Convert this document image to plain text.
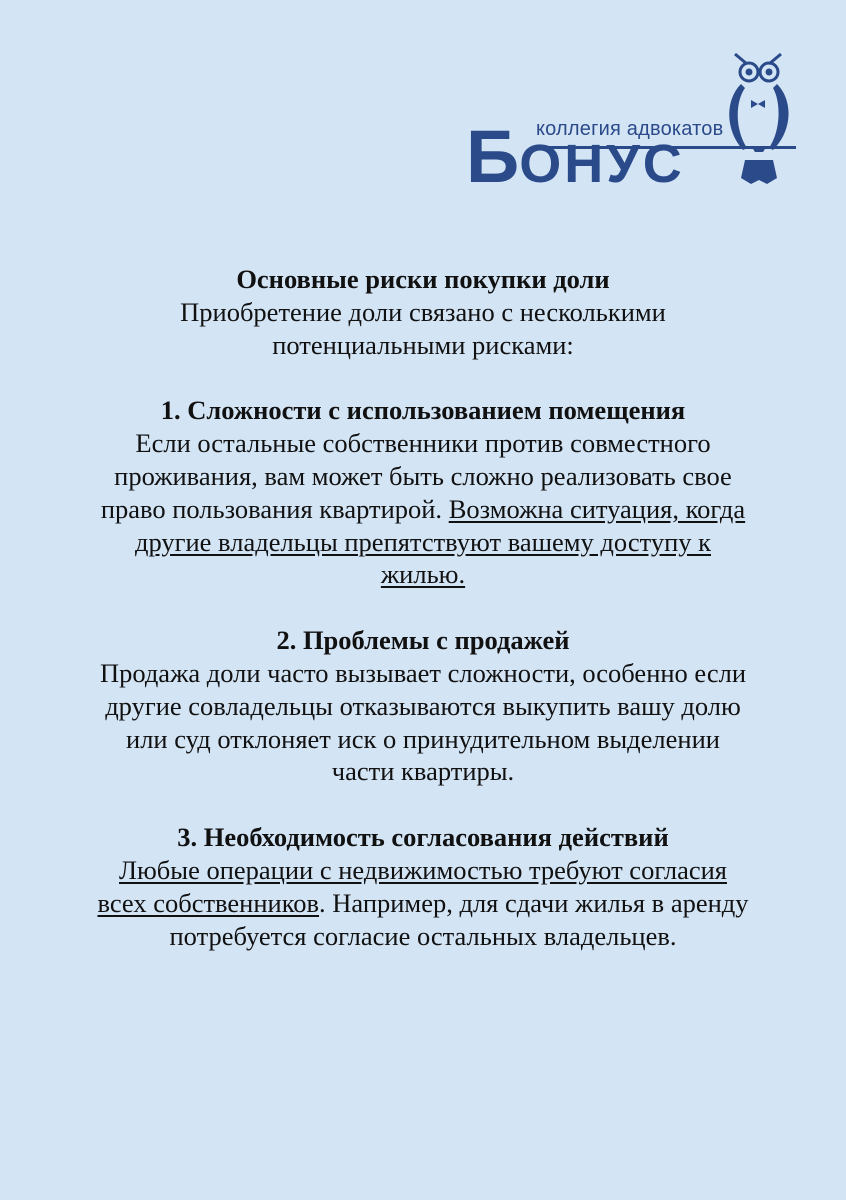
коллегия адвокатов
БОНУС
Основные риски покупки доли
Приобретение доли связано с несколькими
потенциальными рисками:
1. Сложности с использованием помещения
Если остальные собственники против совместного
проживания, вам может быть сложно реализовать свое
право пользования квартирой. Возможна ситуация, когда
другие владельцы препятствуют вашему доступу к
жилью.
2. Проблемы с продажей
Продажа доли часто вызывает сложности, особенно если
другие совладельцы отказываются выкупить вашу долю
или суд отклоняет иск о принудительном выделении
части квартиры.
3. Необходимость согласования действий
Любые операции с недвижимостью требуют согласия
всех собственников. Например, для сдачи жилья в аренду
потребуется согласие остальных владельцев.
